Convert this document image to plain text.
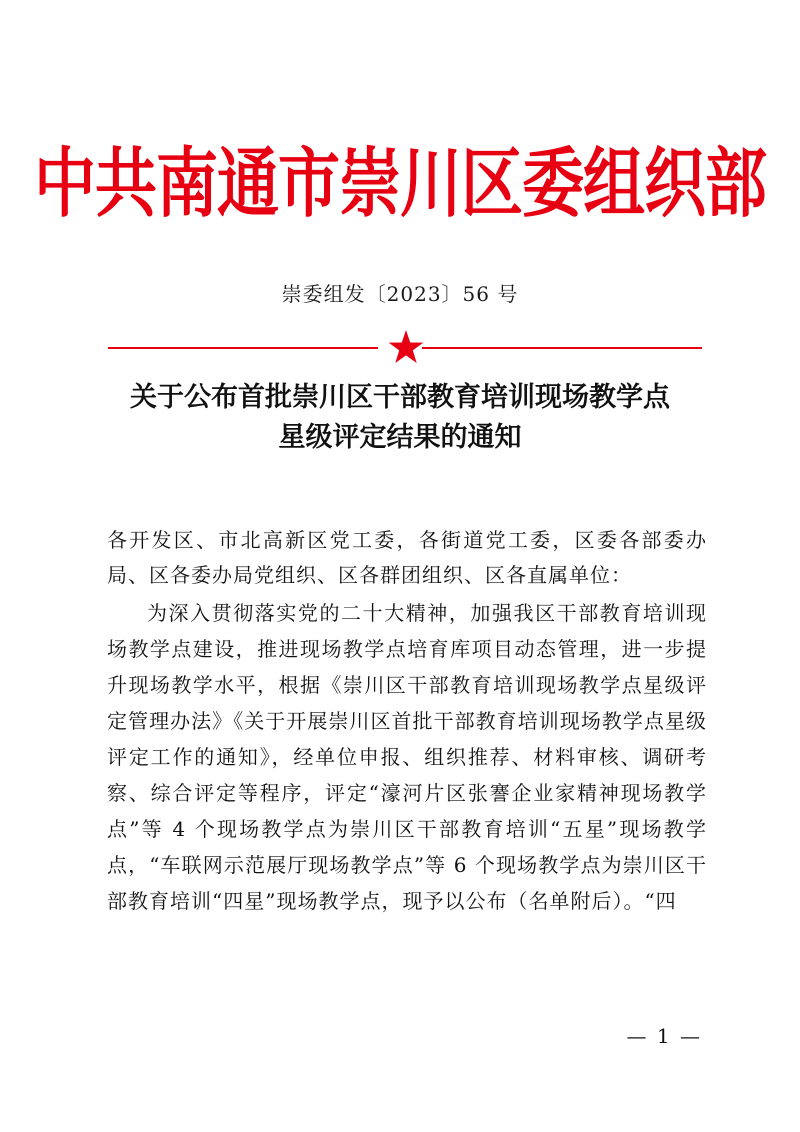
中共南通市崇川区委组织部
崇委组发〔2023〕56 号
关于公布首批崇川区干部教育培训现场教学点
星级评定结果的通知
各开发区、市北高新区党工委，各街道党工委，区委各部委办局、区各委办局党组织、区各群团组织、区各直属单位：
为深入贯彻落实党的二十大精神，加强我区干部教育培训现场教学点建设，推进现场教学点培育库项目动态管理，进一步提升现场教学水平，根据《崇川区干部教育培训现场教学点星级评定管理办法》《关于开展崇川区首批干部教育培训现场教学点星级评定工作的通知》，经单位申报、组织推荐、材料审核、调研考察、综合评定等程序，评定“濠河片区张謇企业家精神现场教学点”等 4 个现场教学点为崇川区干部教育培训“五星”现场教学点，“车联网示范展厅现场教学点”等 6 个现场教学点为崇川区干部教育培训“四星”现场教学点，现予以公布（名单附后）。“四
— 1 —
